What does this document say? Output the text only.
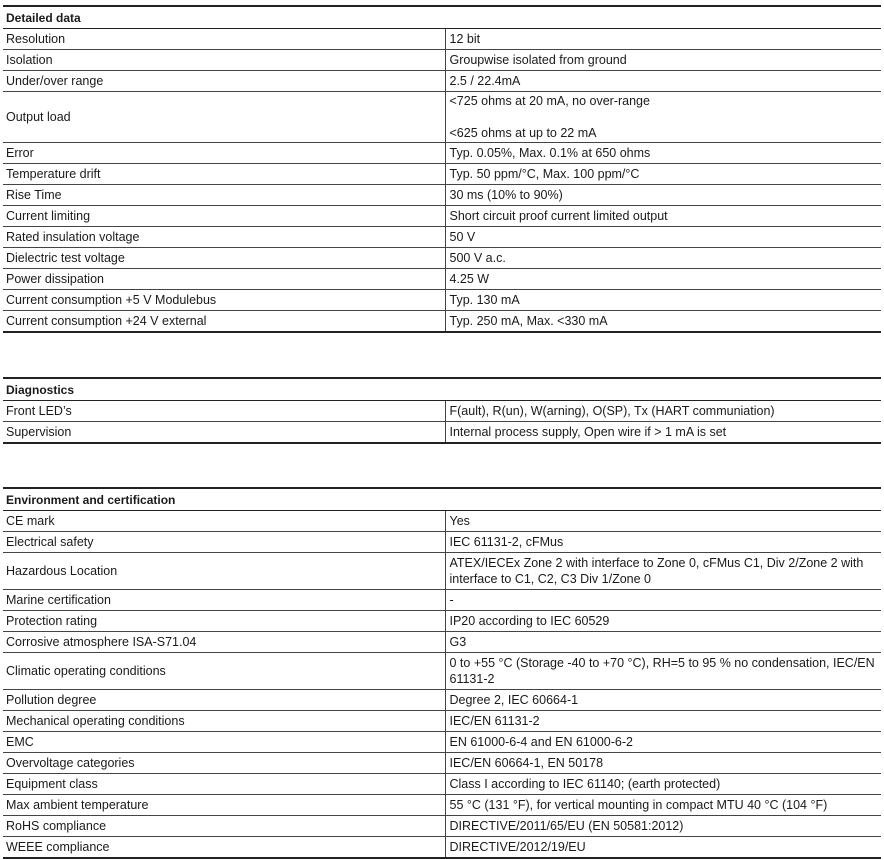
Detailed data	
Resolution	12 bit
Isolation	Groupwise isolated from ground
Under/over range	2.5 / 22.4mA
Output load	<725 ohms at 20 mA, no over-range
<625 ohms at up to 22 mA

Error	Typ. 0.05%, Max. 0.1% at 650 ohms
Temperature drift	Typ. 50 ppm/°C, Max. 100 ppm/°C
Rise Time	30 ms (10% to 90%)
Current limiting	Short circuit proof current limited output
Rated insulation voltage	50 V
Dielectric test voltage	500 V a.c.
Power dissipation	4.25 W
Current consumption +5 V Modulebus	Typ. 130 mA
Current consumption +24 V external	Typ. 250 mA, Max. <330 mA
Diagnostics	
Front LED’s	F(ault), R(un), W(arning), O(SP), Tx (HART communiation)
Supervision	Internal process supply, Open wire if > 1 mA is set
Environment and certification	
CE mark	Yes
Electrical safety	IEC 61131-2, cFMus
Hazardous Location	ATEX/IECEx Zone 2 with interface to Zone 0, cFMus C1, Div 2/Zone 2 with interface to C1, C2, C3 Div 1/Zone 0
Marine certification	-
Protection rating	IP20 according to IEC 60529
Corrosive atmosphere ISA-S71.04	G3
Climatic operating conditions	0 to +55 °C (Storage -40 to +70 °C), RH=5 to 95 % no condensation, IEC/EN 61131-2
Pollution degree	Degree 2, IEC 60664-1
Mechanical operating conditions	IEC/EN 61131-2
EMC	EN 61000-6-4 and EN 61000-6-2
Overvoltage categories	IEC/EN 60664-1, EN 50178
Equipment class	Class I according to IEC 61140; (earth protected)
Max ambient temperature	55 °C (131 °F), for vertical mounting in compact MTU 40 °C (104 °F)
RoHS compliance	DIRECTIVE/2011/65/EU (EN 50581:2012)
WEEE compliance	DIRECTIVE/2012/19/EU
